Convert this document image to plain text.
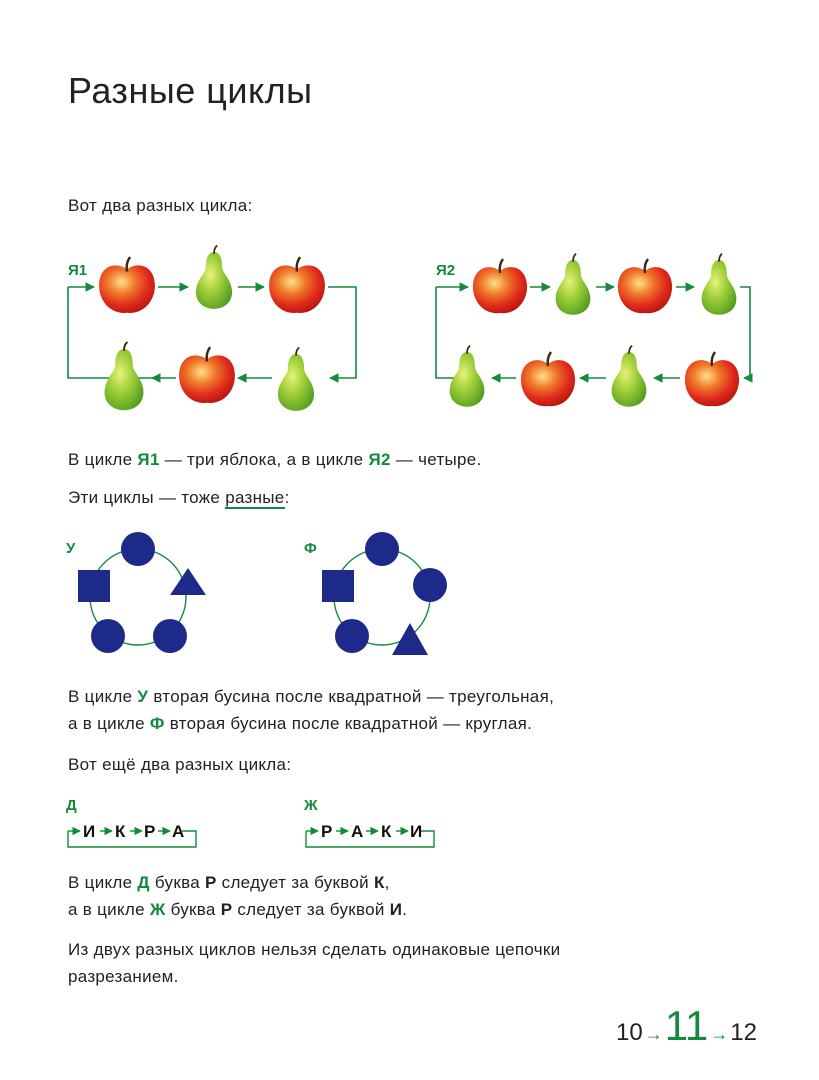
Разные циклы
Вот два разных цикла:
Я1	Я2
В цикле Я1 — три яблока, а в цикле Я2 — четыре.
Эти циклы — тоже разные:
У	Ф
В цикле У вторая бусина после квадратной — треугольная,
а в цикле Ф вторая бусина после квадратной — круглая.
Вот ещё два разных цикла:
Д
И К Р А
Ж
Р А К И
В цикле Д буква Р следует за буквой К,
а в цикле Ж буква Р следует за буквой И.
Из двух разных циклов нельзя сделать одинаковые цепочки
разрезанием.
10 → 11 → 12
